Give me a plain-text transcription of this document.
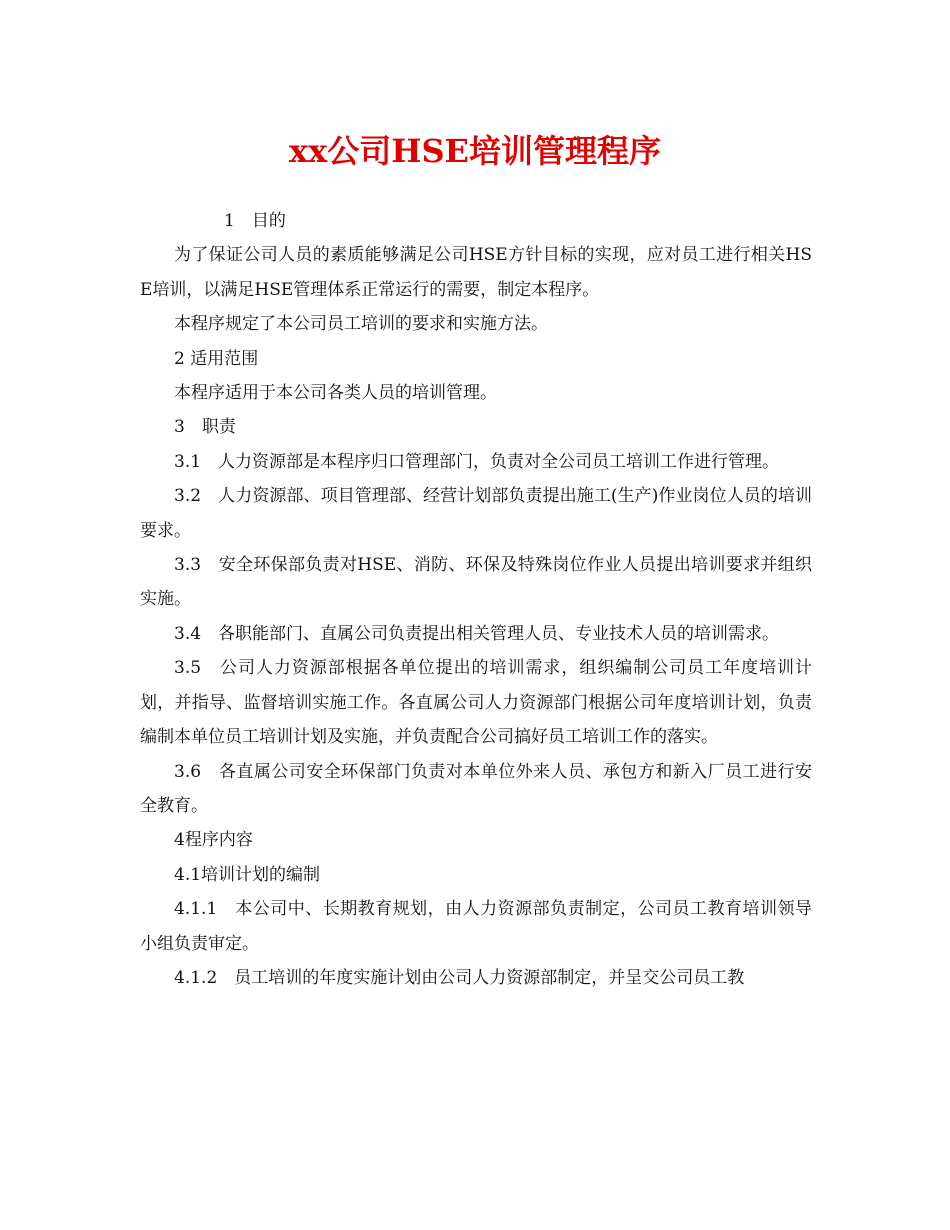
xx公司HSE培训管理程序

1　目的

为了保证公司人员的素质能够满足公司HSE方针目标的实现，应对员工进行相关HSE培训，以满足HSE管理体系正常运行的需要，制定本程序。

本程序规定了本公司员工培训的要求和实施方法。

2 适用范围

本程序适用于本公司各类人员的培训管理。

3　职责

3.1　人力资源部是本程序归口管理部门，负责对全公司员工培训工作进行管理。

3.2　人力资源部、项目管理部、经营计划部负责提出施工(生产)作业岗位人员的培训要求。

3.3　安全环保部负责对HSE、消防、环保及特殊岗位作业人员提出培训要求并组织实施。

3.4　各职能部门、直属公司负责提出相关管理人员、专业技术人员的培训需求。

3.5　公司人力资源部根据各单位提出的培训需求，组织编制公司员工年度培训计划，并指导、监督培训实施工作。各直属公司人力资源部门根据公司年度培训计划，负责编制本单位员工培训计划及实施，并负责配合公司搞好员工培训工作的落实。

3.6　各直属公司安全环保部门负责对本单位外来人员、承包方和新入厂员工进行安全教育。

4程序内容

4.1培训计划的编制

4.1.1　本公司中、长期教育规划，由人力资源部负责制定，公司员工教育培训领导小组负责审定。

4.1.2　员工培训的年度实施计划由公司人力资源部制定，并呈交公司员工教
